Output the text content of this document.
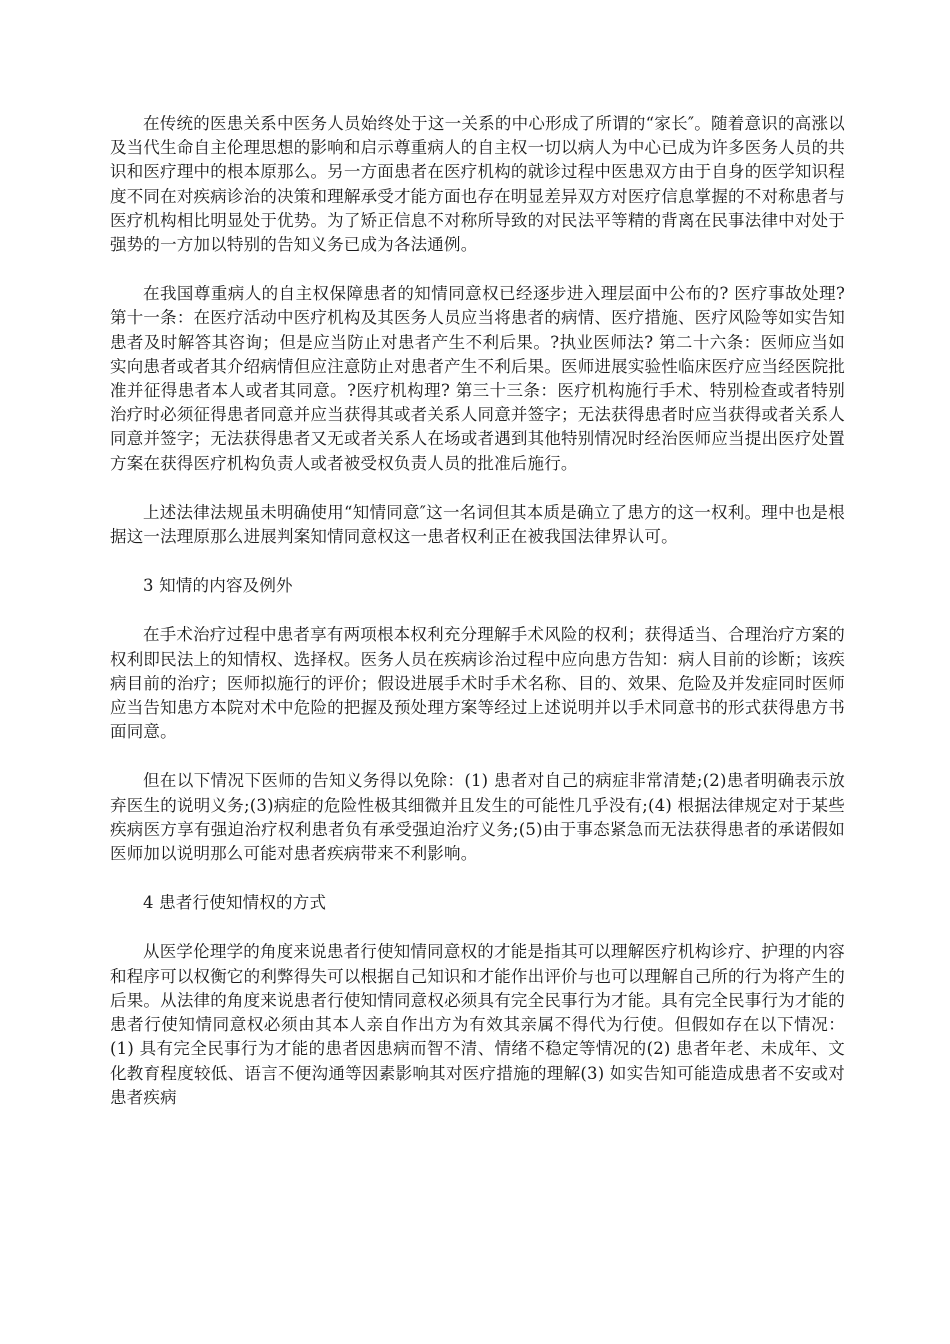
在传统的医患关系中医务人员始终处于这一关系的中心形成了所谓的“家长″。随着意识的高涨以及当代生命自主伦理思想的影响和启示尊重病人的自主权一切以病人为中心已成为许多医务人员的共识和医疗理中的根本原那么。另一方面患者在医疗机构的就诊过程中医患双方由于自身的医学知识程度不同在对疾病诊治的决策和理解承受才能方面也存在明显差异双方对医疗信息掌握的不对称患者与医疗机构相比明显处于优势。为了矫正信息不对称所导致的对民法平等精的背离在民事法律中对处于强势的一方加以特别的告知义务已成为各法通例。

在我国尊重病人的自主权保障患者的知情同意权已经逐步进入理层面中公布的? 医疗事故处理? 第十一条：在医疗活动中医疗机构及其医务人员应当将患者的病情、医疗措施、医疗风险等如实告知患者及时解答其咨询；但是应当防止对患者产生不利后果。?执业医师法? 第二十六条：医师应当如实向患者或者其介绍病情但应注意防止对患者产生不利后果。医师进展实验性临床医疗应当经医院批准并征得患者本人或者其同意。?医疗机构理? 第三十三条：医疗机构施行手术、特别检查或者特别治疗时必须征得患者同意并应当获得其或者关系人同意并签字；无法获得患者时应当获得或者关系人同意并签字；无法获得患者又无或者关系人在场或者遇到其他特别情况时经治医师应当提出医疗处置方案在获得医疗机构负责人或者被受权负责人员的批准后施行。

上述法律法规虽未明确使用“知情同意″这一名词但其本质是确立了患方的这一权利。理中也是根据这一法理原那么进展判案知情同意权这一患者权利正在被我国法律界认可。

3 知情的内容及例外

在手术治疗过程中患者享有两项根本权利充分理解手术风险的权利；获得适当、合理治疗方案的权利即民法上的知情权、选择权。医务人员在疾病诊治过程中应向患方告知：病人目前的诊断；该疾病目前的治疗；医师拟施行的评价；假设进展手术时手术名称、目的、效果、危险及并发症同时医师应当告知患方本院对术中危险的把握及预处理方案等经过上述说明并以手术同意书的形式获得患方书面同意。

但在以下情况下医师的告知义务得以免除：(1) 患者对自己的病症非常清楚;(2)患者明确表示放弃医生的说明义务;(3)病症的危险性极其细微并且发生的可能性几乎没有;(4) 根据法律规定对于某些疾病医方享有强迫治疗权利患者负有承受强迫治疗义务;(5)由于事态紧急而无法获得患者的承诺假如医师加以说明那么可能对患者疾病带来不利影响。

4 患者行使知情权的方式

从医学伦理学的角度来说患者行使知情同意权的才能是指其可以理解医疗机构诊疗、护理的内容和程序可以权衡它的利弊得失可以根据自己知识和才能作出评价与也可以理解自己所的行为将产生的后果。从法律的角度来说患者行使知情同意权必须具有完全民事行为才能。具有完全民事行为才能的患者行使知情同意权必须由其本人亲自作出方为有效其亲属不得代为行使。但假如存在以下情况：(1) 具有完全民事行为才能的患者因患病而智不清、情绪不稳定等情况的(2) 患者年老、未成年、文化教育程度较低、语言不便沟通等因素影响其对医疗措施的理解(3) 如实告知可能造成患者不安或对患者疾病
